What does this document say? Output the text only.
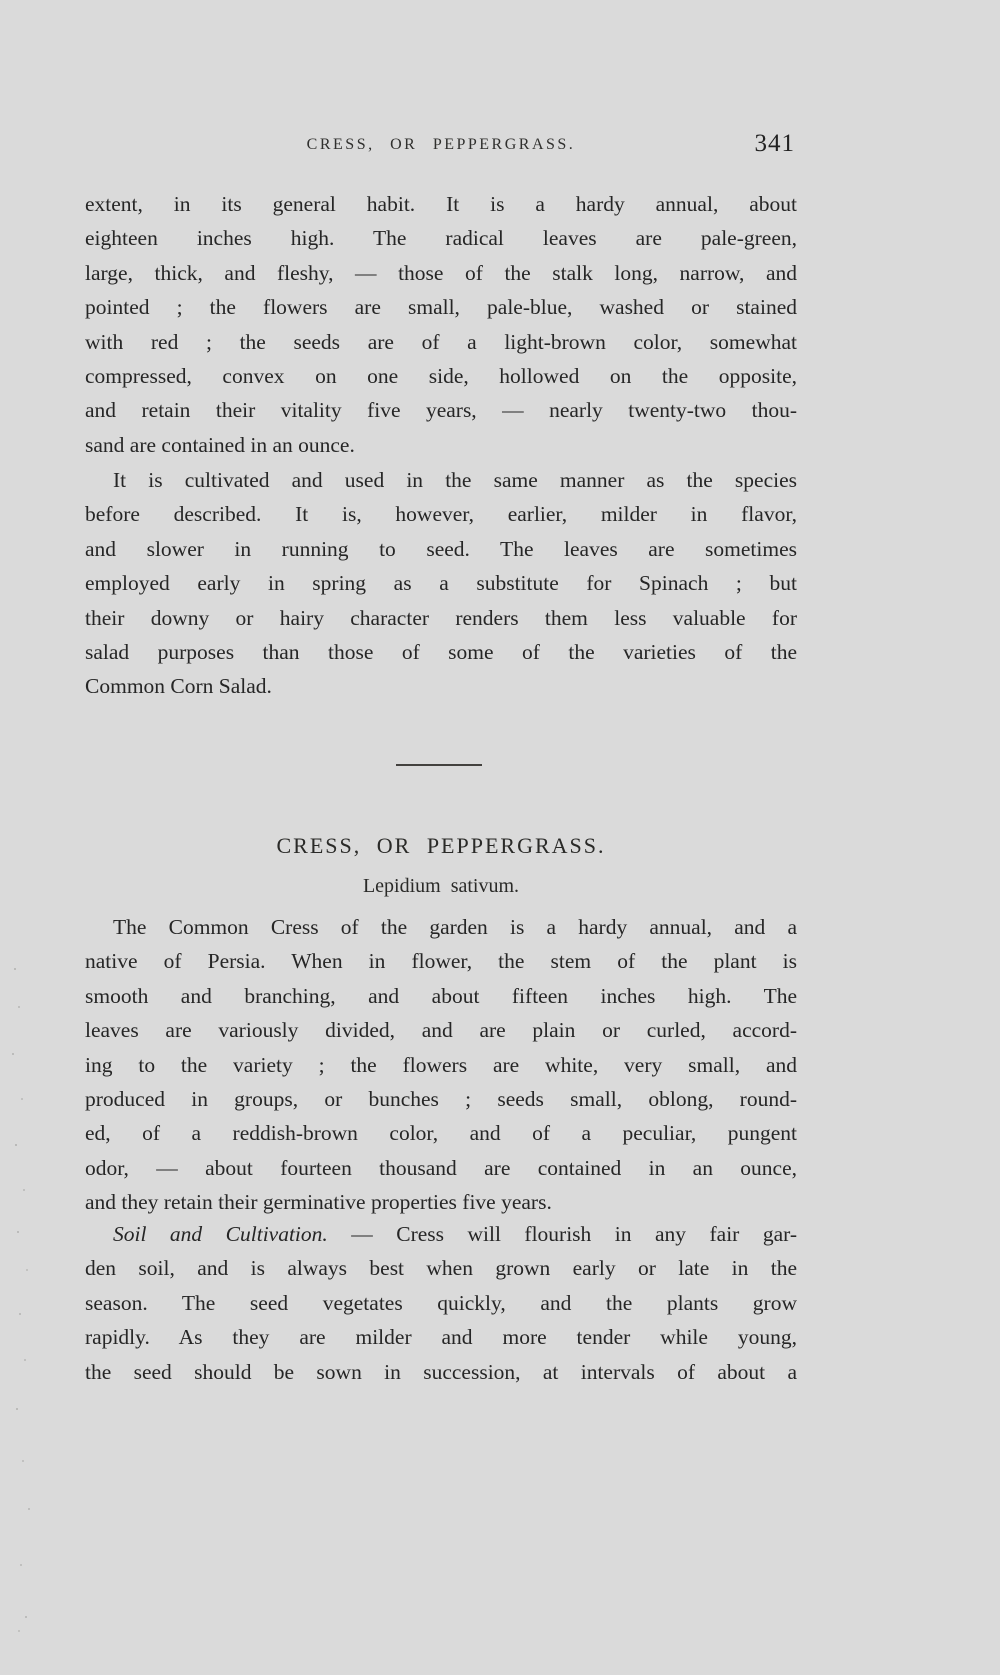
CRESS, OR PEPPERGRASS.	341
extent, in its general habit. It is a hardy annual, about
eighteen inches high. The radical leaves are pale-green,
large, thick, and fleshy, — those of the stalk long, narrow, and
pointed ; the flowers are small, pale-blue, washed or stained
with red ; the seeds are of a light-brown color, somewhat
compressed, convex on one side, hollowed on the opposite,
and retain their vitality five years, — nearly twenty-two thou-
sand are contained in an ounce.
It is cultivated and used in the same manner as the species
before described. It is, however, earlier, milder in flavor,
and slower in running to seed. The leaves are sometimes
employed early in spring as a substitute for Spinach ; but
their downy or hairy character renders them less valuable for
salad purposes than those of some of the varieties of the
Common Corn Salad.
CRESS, OR PEPPERGRASS.
Lepidium sativum.
The Common Cress of the garden is a hardy annual, and a
native of Persia. When in flower, the stem of the plant is
smooth and branching, and about fifteen inches high. The
leaves are variously divided, and are plain or curled, accord-
ing to the variety ; the flowers are white, very small, and
produced in groups, or bunches ; seeds small, oblong, round-
ed, of a reddish-brown color, and of a peculiar, pungent
odor, — about fourteen thousand are contained in an ounce,
and they retain their germinative properties five years.
Soil and Cultivation. — Cress will flourish in any fair gar-
den soil, and is always best when grown early or late in the
season. The seed vegetates quickly, and the plants grow
rapidly. As they are milder and more tender while young,
the seed should be sown in succession, at intervals of about a
